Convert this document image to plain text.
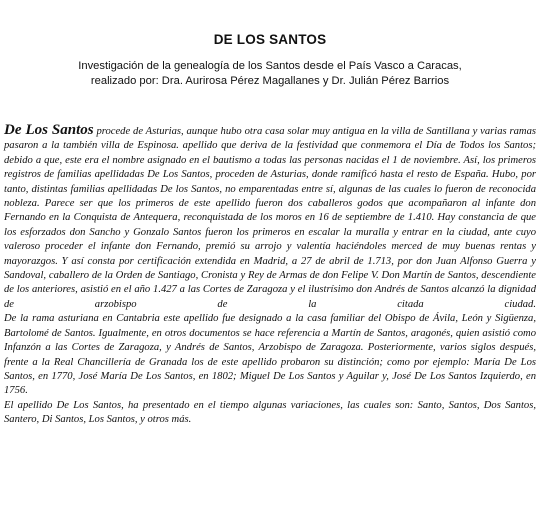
DE LOS SANTOS
Investigación de la genealogía de los Santos desde el País Vasco a Caracas,
realizado por: Dra. Aurirosa Pérez Magallanes y Dr. Julián Pérez Barrios

De Los Santos procede de Asturias, aunque hubo otra casa solar muy antigua en la villa de Santillana y varias ramas pasaron a la también villa de Espinosa. apellido que deriva de la festividad que conmemora el Día de Todos los Santos; debido a que, este era el nombre asignado en el bautismo a todas las personas nacidas el 1 de noviembre. Así, los primeros registros de familias apellidadas De Los Santos, proceden de Asturias, donde ramificó hasta el resto de España. Hubo, por tanto, distintas familias apellidadas De los Santos, no emparentadas entre sí, algunas de las cuales lo fueron de reconocida nobleza. Parece ser que los primeros de este apellido fueron dos caballeros godos que acompañaron al infante don Fernando en la Conquista de Antequera, reconquistada de los moros en 16 de septiembre de 1.410. Hay constancia de que los esforzados don Sancho y Gonzalo Santos fueron los primeros en escalar la muralla y entrar en la ciudad, ante cuyo valeroso proceder el infante don Fernando, premió su arrojo y valentía haciéndoles merced de muy buenas rentas y mayorazgos. Y así consta por certificación extendida en Madrid, a 27 de abril de 1.713, por don Juan Alfonso Guerra y Sandoval, caballero de la Orden de Santiago, Cronista y Rey de Armas de don Felipe V. Don Martín de Santos, descendiente de los anteriores, asistió en el año 1.427 a las Cortes de Zaragoza y el ilustrísimo don Andrés de Santos alcanzó la dignidad de arzobispo de la citada ciudad.

De la rama asturiana en Cantabria este apellido fue designado a la casa familiar del Obispo de Ávila, León y Sigüenza, Bartolomé de Santos. Igualmente, en otros documentos se hace referencia a Martín de Santos, aragonés, quien asistió como Infanzón a las Cortes de Zaragoza, y Andrés de Santos, Arzobispo de Zaragoza. Posteriormente, varios siglos después, frente a la Real Chancillería de Granada los de este apellido probaron su distinción; como por ejemplo: María De Los Santos, en 1770, José María De Los Santos, en 1802; Miguel De Los Santos y Aguilar y, José De Los Santos Izquierdo, en 1756.

El apellido De Los Santos, ha presentado en el tiempo algunas variaciones, las cuales son: Santo, Santos, Dos Santos, Santero, Di Santos, Los Santos, y otros más.
